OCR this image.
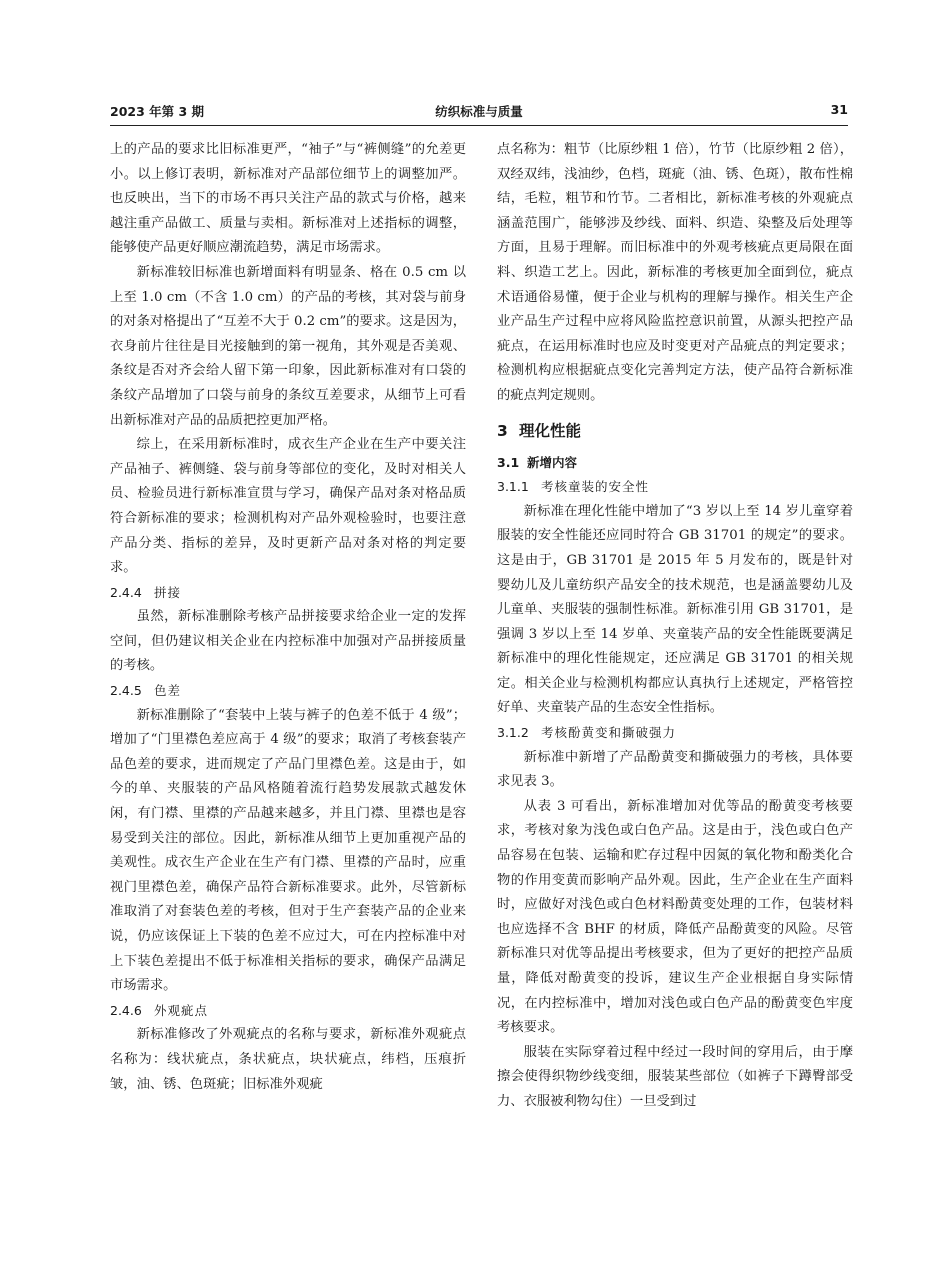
2023 年第 3 期	纺织标准与质量	31

上的产品的要求比旧标准更严，“袖子”与“裤侧缝”的允差更小。以上修订表明，新标准对产品部位细节上的调整加严。也反映出，当下的市场不再只关注产品的款式与价格，越来越注重产品做工、质量与卖相。新标准对上述指标的调整，能够使产品更好顺应潮流趋势，满足市场需求。

新标准较旧标准也新增面料有明显条、格在 0.5 cm 以上至 1.0 cm（不含 1.0 cm）的产品的考核，其对袋与前身的对条对格提出了“互差不大于 0.2 cm”的要求。这是因为，衣身前片往往是目光接触到的第一视角，其外观是否美观、条纹是否对齐会给人留下第一印象，因此新标准对有口袋的条纹产品增加了口袋与前身的条纹互差要求，从细节上可看出新标准对产品的品质把控更加严格。

综上，在采用新标准时，成衣生产企业在生产中要关注产品袖子、裤侧缝、袋与前身等部位的变化，及时对相关人员、检验员进行新标准宣贯与学习，确保产品对条对格品质符合新标准的要求；检测机构对产品外观检验时，也要注意产品分类、指标的差异，及时更新产品对条对格的判定要求。

2.4.4 拼接

虽然，新标准删除考核产品拼接要求给企业一定的发挥空间，但仍建议相关企业在内控标准中加强对产品拼接质量的考核。

2.4.5 色差

新标准删除了“套装中上装与裤子的色差不低于 4 级”；增加了“门里襟色差应高于 4 级”的要求；取消了考核套装产品色差的要求，进而规定了产品门里襟色差。这是由于，如今的单、夹服装的产品风格随着流行趋势发展款式越发休闲，有门襟、里襟的产品越来越多，并且门襟、里襟也是容易受到关注的部位。因此，新标准从细节上更加重视产品的美观性。成衣生产企业在生产有门襟、里襟的产品时，应重视门里襟色差，确保产品符合新标准要求。此外，尽管新标准取消了对套装色差的考核，但对于生产套装产品的企业来说，仍应该保证上下装的色差不应过大，可在内控标准中对上下装色差提出不低于标准相关指标的要求，确保产品满足市场需求。

2.4.6 外观疵点

新标准修改了外观疵点的名称与要求，新标准外观疵点名称为：线状疵点，条状疵点，块状疵点，纬档，压痕折皱，油、锈、色斑疵；旧标准外观疵

点名称为：粗节（比原纱粗 1 倍），竹节（比原纱粗 2 倍），双经双纬，浅油纱，色档，斑疵（油、锈、色斑），散布性棉结，毛粒，粗节和竹节。二者相比，新标准考核的外观疵点涵盖范围广，能够涉及纱线、面料、织造、染整及后处理等方面，且易于理解。而旧标准中的外观考核疵点更局限在面料、织造工艺上。因此，新标准的考核更加全面到位，疵点术语通俗易懂，便于企业与机构的理解与操作。相关生产企业产品生产过程中应将风险监控意识前置，从源头把控产品疵点，在运用标准时也应及时变更对产品疵点的判定要求；检测机构应根据疵点变化完善判定方法，使产品符合新标准的疵点判定规则。

3 理化性能
3.1 新增内容
3.1.1 考核童装的安全性

新标准在理化性能中增加了“3 岁以上至 14 岁儿童穿着服装的安全性能还应同时符合 GB 31701 的规定”的要求。这是由于，GB 31701 是 2015 年 5 月发布的，既是针对婴幼儿及儿童纺织产品安全的技术规范，也是涵盖婴幼儿及儿童单、夹服装的强制性标准。新标准引用 GB 31701，是强调 3 岁以上至 14 岁单、夹童装产品的安全性能既要满足新标准中的理化性能规定，还应满足 GB 31701 的相关规定。相关企业与检测机构都应认真执行上述规定，严格管控好单、夹童装产品的生态安全性指标。

3.1.2 考核酚黄变和撕破强力

新标准中新增了产品酚黄变和撕破强力的考核，具体要求见表 3。

从表 3 可看出，新标准增加对优等品的酚黄变考核要求，考核对象为浅色或白色产品。这是由于，浅色或白色产品容易在包装、运输和贮存过程中因氮的氧化物和酚类化合物的作用变黄而影响产品外观。因此，生产企业在生产面料时，应做好对浅色或白色材料酚黄变处理的工作，包装材料也应选择不含 BHF 的材质，降低产品酚黄变的风险。尽管新标准只对优等品提出考核要求，但为了更好的把控产品质量，降低对酚黄变的投诉，建议生产企业根据自身实际情况，在内控标准中，增加对浅色或白色产品的酚黄变色牢度考核要求。

服装在实际穿着过程中经过一段时间的穿用后，由于摩擦会使得织物纱线变细，服装某些部位（如裤子下蹲臀部受力、衣服被利物勾住）一旦受到过
